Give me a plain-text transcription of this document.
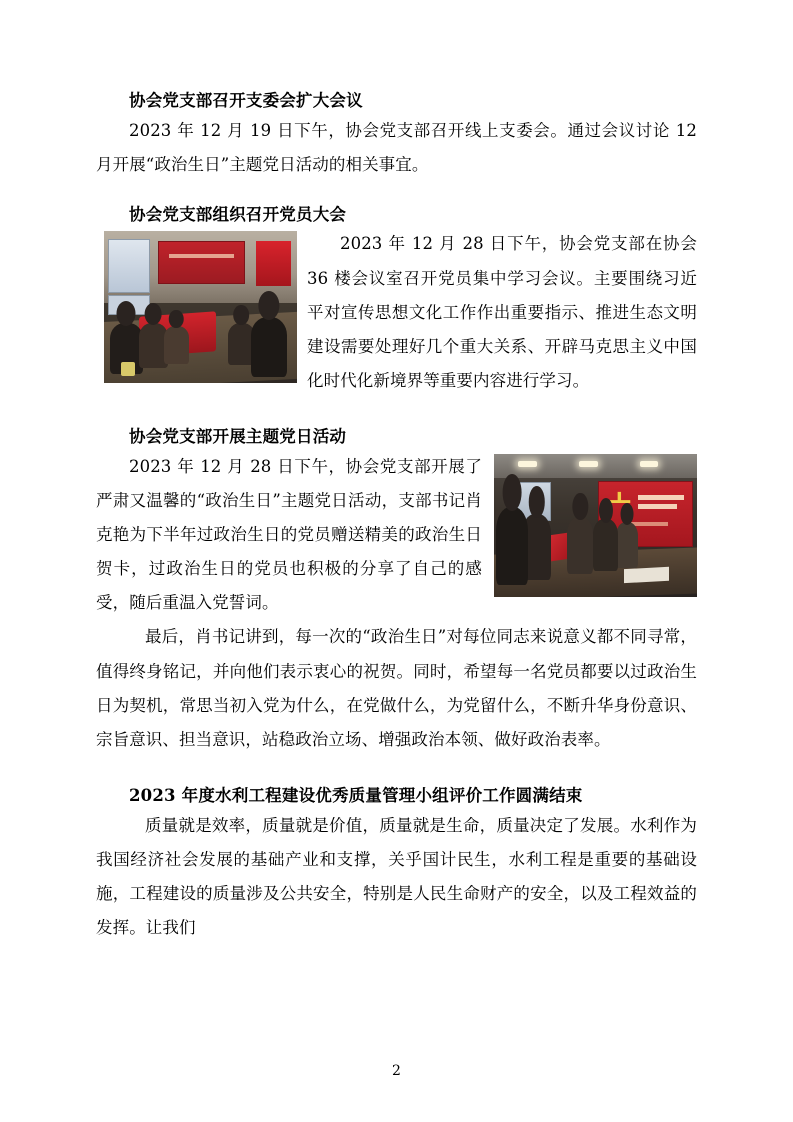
协会党支部召开支委会扩大会议

2023 年 12 月 19 日下午，协会党支部召开线上支委会。通过会议讨论 12 月开展“政治生日”主题党日活动的相关事宜。

协会党支部组织召开党员大会

2023 年 12 月 28 日下午，协会党支部在协会 36 楼会议室召开党员集中学习会议。主要围绕习近平对宣传思想文化工作作出重要指示、推进生态文明建设需要处理好几个重大关系、开辟马克思主义中国化时代化新境界等重要内容进行学习。

协会党支部开展主题党日活动

2023 年 12 月 28 日下午，协会党支部开展了严肃又温馨的“政治生日”主题党日活动，支部书记肖克艳为下半年过政治生日的党员赠送精美的政治生日贺卡，过政治生日的党员也积极的分享了自己的感受，随后重温入党誓词。

最后，肖书记讲到，每一次的“政治生日”对每位同志来说意义都不同寻常，值得终身铭记，并向他们表示衷心的祝贺。同时，希望每一名党员都要以过政治生日为契机，常思当初入党为什么，在党做什么，为党留什么，不断升华身份意识、宗旨意识、担当意识，站稳政治立场、增强政治本领、做好政治表率。

2023 年度水利工程建设优秀质量管理小组评价工作圆满结束

质量就是效率，质量就是价值，质量就是生命，质量决定了发展。水利作为我国经济社会发展的基础产业和支撑，关乎国计民生，水利工程是重要的基础设施，工程建设的质量涉及公共安全，特别是人民生命财产的安全，以及工程效益的发挥。让我们

2
